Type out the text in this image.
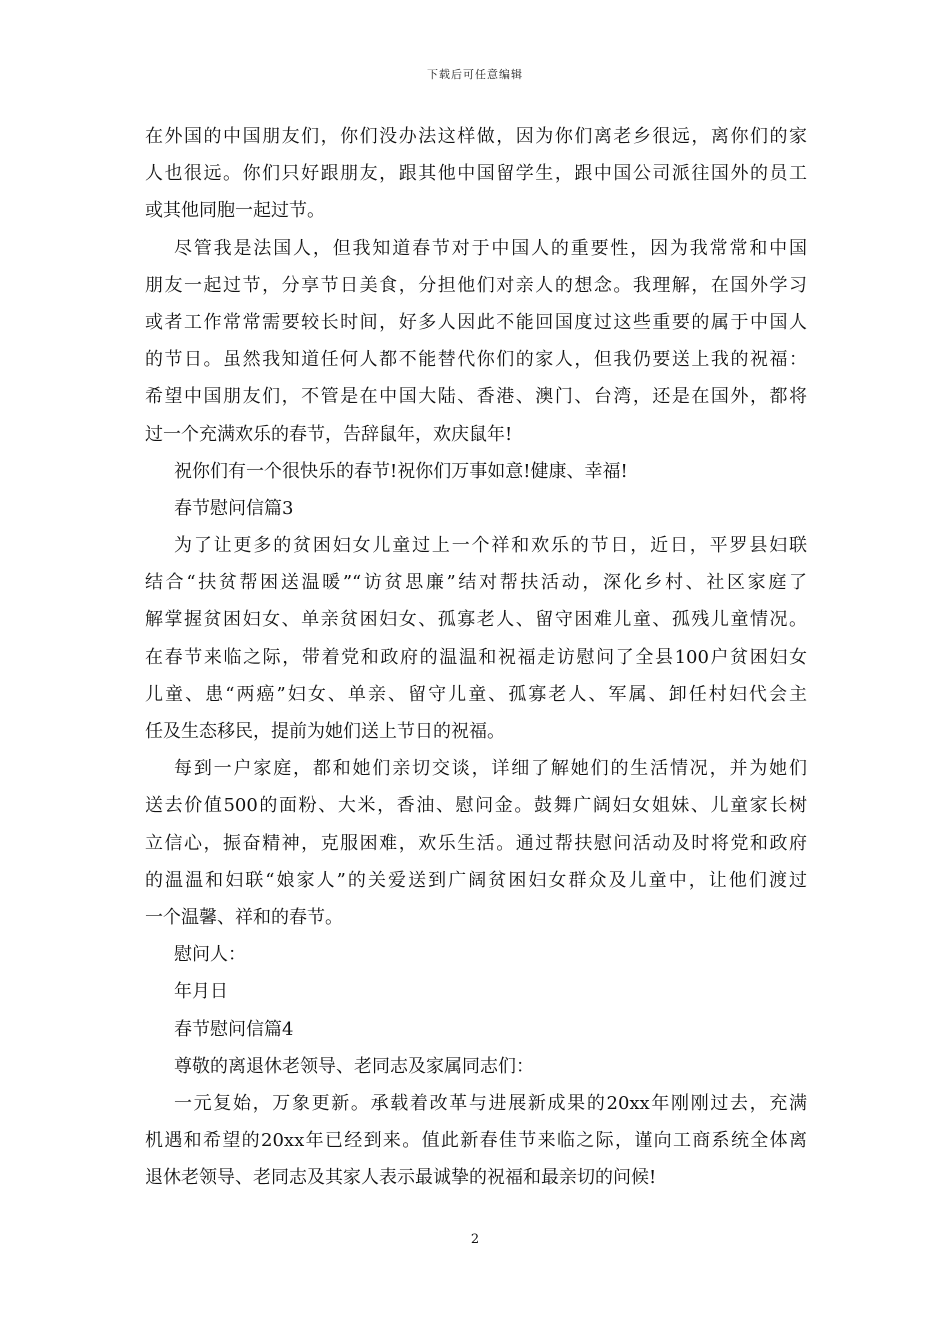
下载后可任意编辑
在外国的中国朋友们，你们没办法这样做，因为你们离老乡很远，离你们的家
人也很远。你们只好跟朋友，跟其他中国留学生，跟中国公司派往国外的员工
或其他同胞一起过节。
尽管我是法国人，但我知道春节对于中国人的重要性，因为我常常和中国
朋友一起过节，分享节日美食，分担他们对亲人的想念。我理解，在国外学习
或者工作常常需要较长时间，好多人因此不能回国度过这些重要的属于中国人
的节日。虽然我知道任何人都不能替代你们的家人，但我仍要送上我的祝福：
希望中国朋友们，不管是在中国大陆、香港、澳门、台湾，还是在国外，都将
过一个充满欢乐的春节，告辞鼠年，欢庆鼠年!
祝你们有一个很快乐的春节!祝你们万事如意!健康、幸福!
春节慰问信篇3
为了让更多的贫困妇女儿童过上一个祥和欢乐的节日，近日，平罗县妇联
结合“扶贫帮困送温暖”“访贫思廉”结对帮扶活动，深化乡村、社区家庭了
解掌握贫困妇女、单亲贫困妇女、孤寡老人、留守困难儿童、孤残儿童情况。
在春节来临之际，带着党和政府的温温和祝福走访慰问了全县100户贫困妇女
儿童、患“两癌”妇女、单亲、留守儿童、孤寡老人、军属、卸任村妇代会主
任及生态移民，提前为她们送上节日的祝福。
每到一户家庭，都和她们亲切交谈，详细了解她们的生活情况，并为她们
送去价值500的面粉、大米，香油、慰问金。鼓舞广阔妇女姐妹、儿童家长树
立信心，振奋精神，克服困难，欢乐生活。通过帮扶慰问活动及时将党和政府
的温温和妇联“娘家人”的关爱送到广阔贫困妇女群众及儿童中，让他们渡过
一个温馨、祥和的春节。
慰问人：
年月日
春节慰问信篇4
尊敬的离退休老领导、老同志及家属同志们：
一元复始，万象更新。承载着改革与进展新成果的20xx年刚刚过去，充满
机遇和希望的20xx年已经到来。值此新春佳节来临之际，谨向工商系统全体离
退休老领导、老同志及其家人表示最诚挚的祝福和最亲切的问候!
2
